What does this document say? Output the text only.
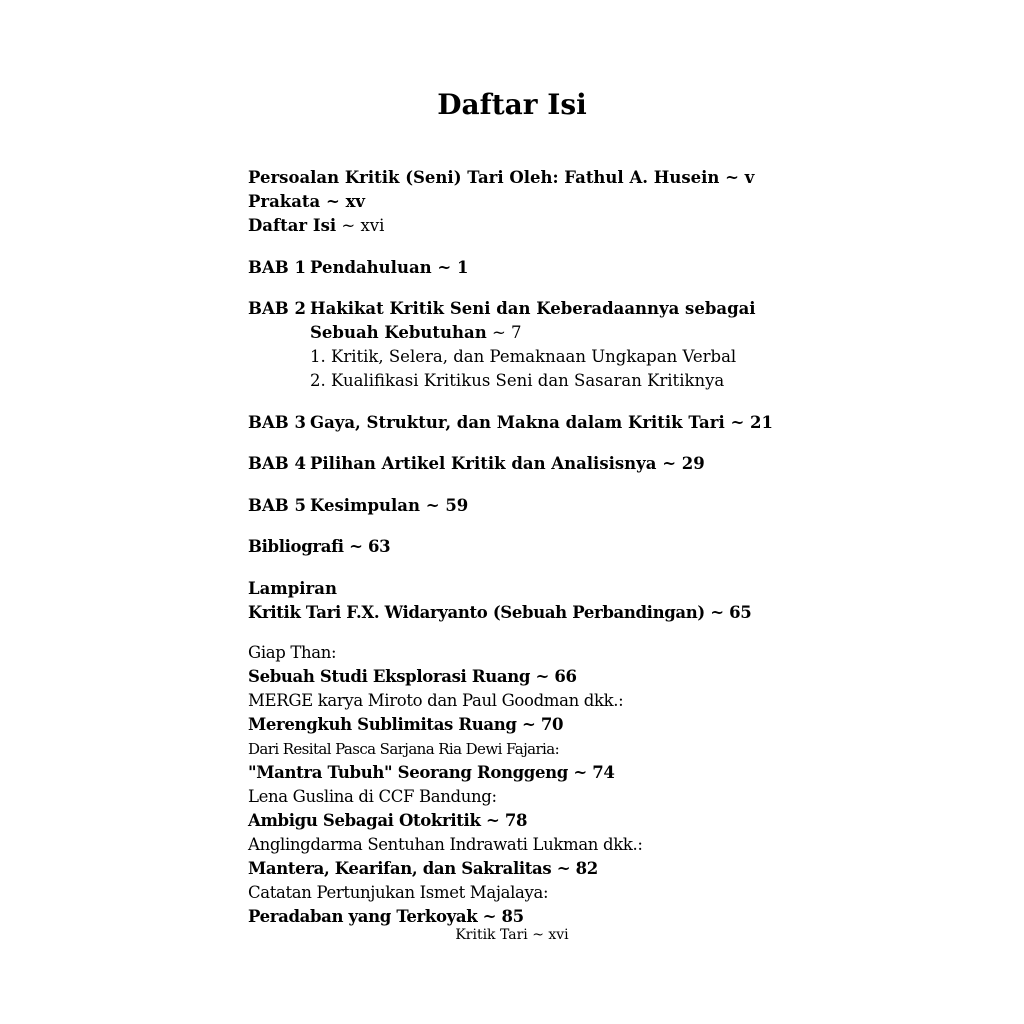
Daftar Isi
Persoalan Kritik (Seni) Tari Oleh: Fathul A. Husein ~ v
Prakata ~ xv
Daftar Isi ~ xvi
BAB 1 Pendahuluan ~ 1
BAB 2 Hakikat Kritik Seni dan Keberadaannya sebagai
Sebuah Kebutuhan ~ 7
1. Kritik, Selera, dan Pemaknaan Ungkapan Verbal
2. Kualifikasi Kritikus Seni dan Sasaran Kritiknya
BAB 3 Gaya, Struktur, dan Makna dalam Kritik Tari ~ 21
BAB 4 Pilihan Artikel Kritik dan Analisisnya ~ 29
BAB 5 Kesimpulan ~ 59
Bibliografi ~ 63
Lampiran
Kritik Tari F.X. Widaryanto (Sebuah Perbandingan) ~ 65
Giap Than:
Sebuah Studi Eksplorasi Ruang ~ 66
MERGE karya Miroto dan Paul Goodman dkk.:
Merengkuh Sublimitas Ruang ~ 70
Dari Resital Pasca Sarjana Ria Dewi Fajaria:
"Mantra Tubuh" Seorang Ronggeng ~ 74
Lena Guslina di CCF Bandung:
Ambigu Sebagai Otokritik ~ 78
Anglingdarma Sentuhan Indrawati Lukman dkk.:
Mantera, Kearifan, dan Sakralitas ~ 82
Catatan Pertunjukan Ismet Majalaya:
Peradaban yang Terkoyak ~ 85
Kritik Tari ~ xvi
